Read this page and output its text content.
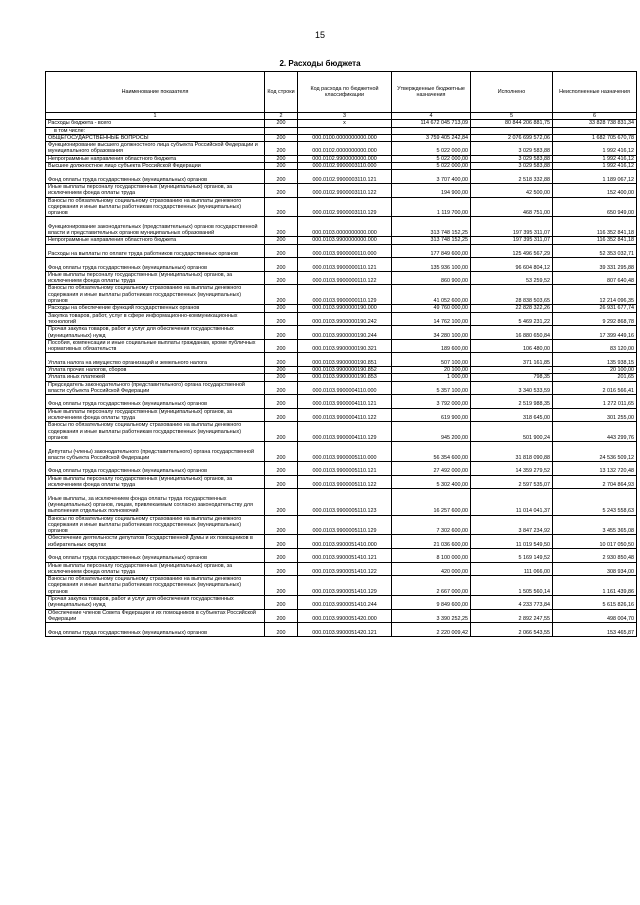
15
2. Расходы бюджета
Наименование показателя	Код строки	Код расхода по бюджетной классификации	Утвержденные бюджетные назначения	Исполнено	Неисполненные назначения
1	2	3	4	5	6
Расходы бюджета - всего	200	x	114 672 045 713,09	80 844 206 881,75	33 828 738 831,34
в том числе:					
ОБЩЕГОСУДАРСТВЕННЫЕ ВОПРОСЫ	200	000.0100.0000000000.000	3 759 405 242,84	2 076 699 572,06	1 682 705 670,78
Функционирование высшего должностного лица субъекта Российской Федерации и муниципального образования	200	000.0102.0000000000.000	5 022 000,00	3 029 583,88	1 992 416,12
Непрограммные направления областного бюджета	200	000.0102.9900000000.000	5 022 000,00	3 029 583,88	1 992 416,12
Высшее должностное лицо субъекта Российской Федерации	200	000.0102.9900003110.000	5 022 000,00	3 029 583,88	1 992 416,12
Фонд оплаты труда государственных (муниципальных) органов	200	000.0102.9900003110.121	3 707 400,00	2 518 332,88	1 189 067,12
Иные выплаты персоналу государственных (муниципальных) органов, за исключением фонда оплаты труда	200	000.0102.9900003110.122	194 900,00	42 500,00	152 400,00
Взносы по обязательному социальному страхованию на выплаты денежного содержания и иные выплаты работникам государственных (муниципальных) органов	200	000.0102.9900003110.129	1 119 700,00	468 751,00	650 949,00
Функционирование законодательных (представительных) органов государственной власти и представительных органов муниципальных образований	200	000.0103.0000000000.000	313 748 152,25	197 395 311,07	116 352 841,18
Непрограммные направления областного бюджета	200	000.0103.9900000000.000	313 748 152,25	197 395 311,07	116 352 841,18
Расходы на выплаты по оплате труда работников государственных органов	200	000.0103.9900000110.000	177 849 600,00	125 496 567,29	52 353 032,71
Фонд оплаты труда государственных (муниципальных) органов	200	000.0103.9900000110.121	135 936 100,00	96 604 804,12	39 331 295,88
Иные выплаты персоналу государственных (муниципальных) органов, за исключением фонда оплаты труда	200	000.0103.9900000110.122	860 900,00	53 259,52	807 640,48
Взносы по обязательному социальному страхованию на выплаты денежного содержания и иные выплаты работникам государственных (муниципальных) органов	200	000.0103.9900000110.129	41 052 600,00	28 838 503,65	12 214 096,35
Расходы на обеспечение функций государственных органов	200	000.0103.9900000190.000	49 760 000,00	22 828 322,26	26 931 677,74
Закупка товаров, работ, услуг в сфере информационно-коммуникационных технологий	200	000.0103.9900000190.242	14 762 100,00	5 469 231,22	9 292 868,78
Прочая закупка товаров, работ и услуг для обеспечения государственных (муниципальных) нужд	200	000.0103.9900000190.244	34 280 100,00	16 880 650,84	17 399 449,16
Пособия, компенсации и иные социальные выплаты гражданам, кроме публичных нормативных обязательств	200	000.0103.9900000190.321	189 600,00	106 480,00	83 120,00
Уплата налога на имущество организаций и земельного налога	200	000.0103.9900000190.851	507 100,00	371 161,85	135 938,15
Уплата прочих налогов, сборов	200	000.0103.9900000190.852	20 100,00	-	20 100,00
Уплата иных платежей	200	000.0103.9900000190.853	1 000,00	798,35	201,65
Председатель законодательного (представительного) органа государственной власти субъекта Российской Федерации	200	000.0103.9900004110.000	5 357 100,00	3 340 533,59	2 016 566,41
Фонд оплаты труда государственных (муниципальных) органов	200	000.0103.9900004110.121	3 792 000,00	2 519 988,35	1 272 011,65
Иные выплаты персоналу государственных (муниципальных) органов, за исключением фонда оплаты труда	200	000.0103.9900004110.122	619 900,00	318 645,00	301 255,00
Взносы по обязательному социальному страхованию на выплаты денежного содержания и иные выплаты работникам государственных (муниципальных) органов	200	000.0103.9900004110.129	945 200,00	501 900,24	443 299,76
Депутаты (члены) законодательного (представительного) органа государственной власти субъекта Российской Федерации	200	000.0103.9900005110.000	56 354 600,00	31 818 090,88	24 536 509,12
Фонд оплаты труда государственных (муниципальных) органов	200	000.0103.9900005110.121	27 492 000,00	14 359 279,52	13 132 720,48
Иные выплаты персоналу государственных (муниципальных) органов, за исключением фонда оплаты труда	200	000.0103.9900005110.122	5 302 400,00	2 597 535,07	2 704 864,93
Иные выплаты, за исключением фонда оплаты труда государственных (муниципальных) органов, лицам, привлекаемым согласно законодательству для выполнения отдельных полномочий	200	000.0103.9900005110.123	16 257 600,00	11 014 041,37	5 243 558,63
Взносы по обязательному социальному страхованию на выплаты денежного содержания и иные выплаты работникам государственных (муниципальных) органов	200	000.0103.9900005110.129	7 302 600,00	3 847 234,92	3 455 365,08
Обеспечение деятельности депутатов Государственной Думы и их помощников в избирательных округах	200	000.0103.9900051410.000	21 036 600,00	11 019 549,50	10 017 050,50
Фонд оплаты труда государственных (муниципальных) органов	200	000.0103.9900051410.121	8 100 000,00	5 169 149,52	2 930 850,48
Иные выплаты персоналу государственных (муниципальных) органов, за исключением фонда оплаты труда	200	000.0103.9900051410.122	420 000,00	111 066,00	308 934,00
Взносы по обязательному социальному страхованию на выплаты денежного содержания и иные выплаты работникам государственных (муниципальных) органов	200	000.0103.9900051410.129	2 667 000,00	1 505 560,14	1 161 439,86
Прочая закупка товаров, работ и услуг для обеспечения государственных (муниципальных) нужд	200	000.0103.9900051410.244	9 849 600,00	4 233 773,84	5 615 826,16
Обеспечение членов Совета Федерации и их помощников в субъектах Российской Федерации	200	000.0103.9900051420.000	3 390 252,25	2 892 247,55	498 004,70
Фонд оплаты труда государственных (муниципальных) органов	200	000.0103.9900051420.121	2 220 009,42	2 066 543,55	153 465,87
